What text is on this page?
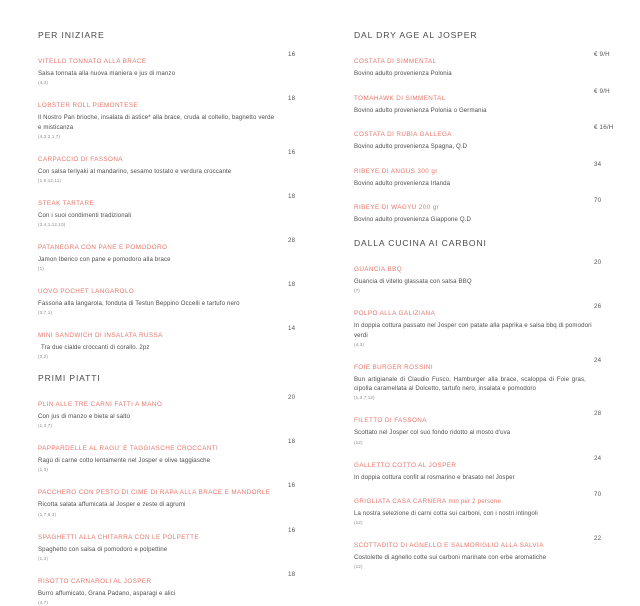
PER INIZIARE
VITELLO TONNATO ALLA BRACE
16
Salsa tonnata alla nuova maniera e jus di manzo
(4,3)
LOBSTER ROLL PIEMONTESE
18
Il Nostro Pan brioche, insalata di astice* alla brace, cruda al coltello, bagnetto verde e misticanza
(4,3,2,1,7)
CARPACCIO DI FASSONA
16
Con salsa teriyaki al mandarino, sesamo tostato e verdura croccante
(1,6,12,11)
STEAK TARTARE
18
Con i suoi condimenti tradizionali
(3,4,1,12,10)
PATANEGRA CON PANE E POMODORO
28
Jamon Iberico con pane e pomodoro alla brace
(1)
UOVO POCHET LANGAROLO
18
Fassona alla langarola, fonduta di Testun Beppino Occelli e tartufo nero
(3,7,1)
MINI SANDWICH DI INSALATA RUSSA
14
Tra due cialde croccanti di corallo. 2pz
(3,2)
PRIMI PIATTI
PLIN ALLE TRE CARNI FATTI A MANO
20
Con jus di manzo e bieta al salto
(1,3,7)
PAPPARDELLE AL RAGU' E TAGGIASCHE CROCCANTI
18
Ragù di carne cotto lentamente nel Josper e olive taggiasche
(1,3)
PACCHERO CON PESTO DI CIME DI RAPA ALLA BRACE E MANDORLE
16
Ricotta salata affumicata al Josper e zeste di agrumi
(1,7,6,3)
SPAGHETTI ALLA CHITARRA CON LE POLPETTE
16
Spaghetto con salsa di pomodoro e polpettine
(1,3)
RISOTTO CARNAROLI AL JOSPER
18
Burro affumicato, Grana Padano, asparagi e alici
(4,7)
DAL DRY AGE AL JOSPER
COSTATA DI SIMMENTAL
€ 9/H
Bovino adulto provenienza Polonia
TOMAHAWK DI SIMMENTAL
€ 9/H
Bovino adulto provenienza Polonia o Germania
COSTATA DI RUBIA GALLEGA
€ 16/H
Bovino adulto provenienza Spagna, Q.D
RIBEYE DI ANGUS 300 gr
34
Bovino adulto provenienza Irlanda
RIBEYE DI WAGYU 200 gr
70
Bovino adulto provenienza Giappone Q.D
DALLA CUCINA AI CARBONI
GUANCIA BBQ
20
Guancia di vitello glassata con salsa BBQ
(7)
POLPO ALLA GALIZIANA
26
In doppia cottura passato nel Josper con patate alla paprika e salsa bbq di pomodori verdi
(4,3)
FOIE BURGER ROSSINI
24
Bun artigianale di Claudio Fusco, Hamburger alla brace, scaloppa di Foie gras, cipolla caramellata al Dolcetto, tartufo nero, insalata e pomodoro
(1,3,7,12)
FILETTO DI FASSONA
28
Scottato nel Josper col suo fondo ridotto al mosto d'uva
(12)
GALLETTO COTTO AL JOSPER
24
In doppia cottura confit al rosmarino e brasato nel Josper
GRIGLIATA CASA CARNERA min per 2 persone
70
La nostra selezione di carni cotta sui carboni, con i nostri intingoli
(12)
SCOTTADITO DI AGNELLO E SALMORIGLIO ALLA SALVIA
22
Costolette di agnello cotte sui carboni marinate con erbe aromatiche
(12)
